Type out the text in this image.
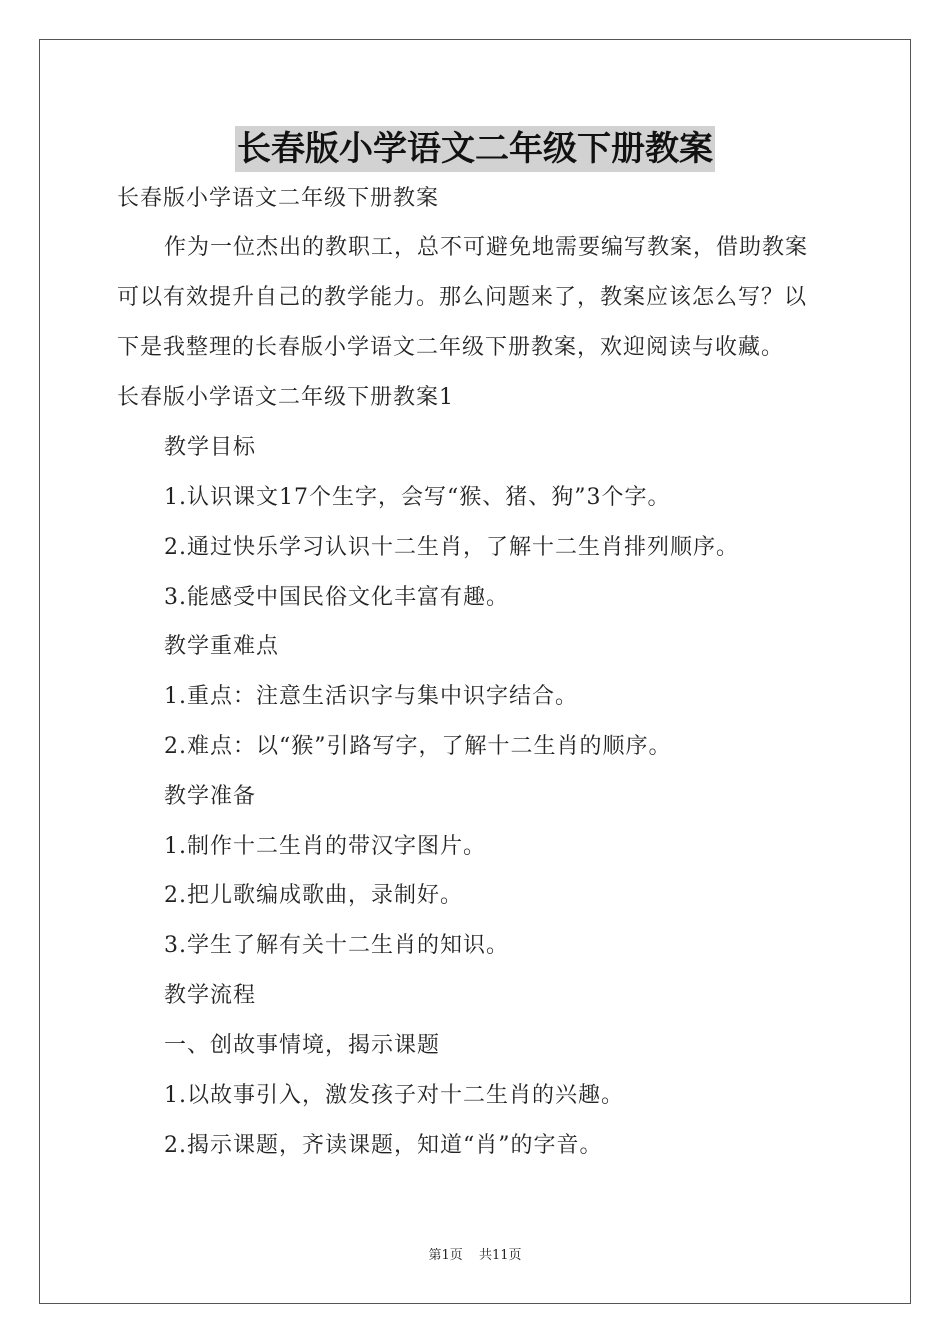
长春版小学语文二年级下册教案
长春版小学语文二年级下册教案
作为一位杰出的教职工，总不可避免地需要编写教案，借助教案
可以有效提升自己的教学能力。那么问题来了，教案应该怎么写？以
下是我整理的长春版小学语文二年级下册教案，欢迎阅读与收藏。
长春版小学语文二年级下册教案1
教学目标
1.认识课文17个生字，会写“猴、猪、狗”3个字。
2.通过快乐学习认识十二生肖，了解十二生肖排列顺序。
3.能感受中国民俗文化丰富有趣。
教学重难点
1.重点：注意生活识字与集中识字结合。
2.难点：以“猴”引路写字，了解十二生肖的顺序。
教学准备
1.制作十二生肖的带汉字图片。
2.把儿歌编成歌曲，录制好。
3.学生了解有关十二生肖的知识。
教学流程
一、创故事情境，揭示课题
1.以故事引入，激发孩子对十二生肖的兴趣。
2.揭示课题，齐读课题，知道“肖”的字音。
第1页 共11页
